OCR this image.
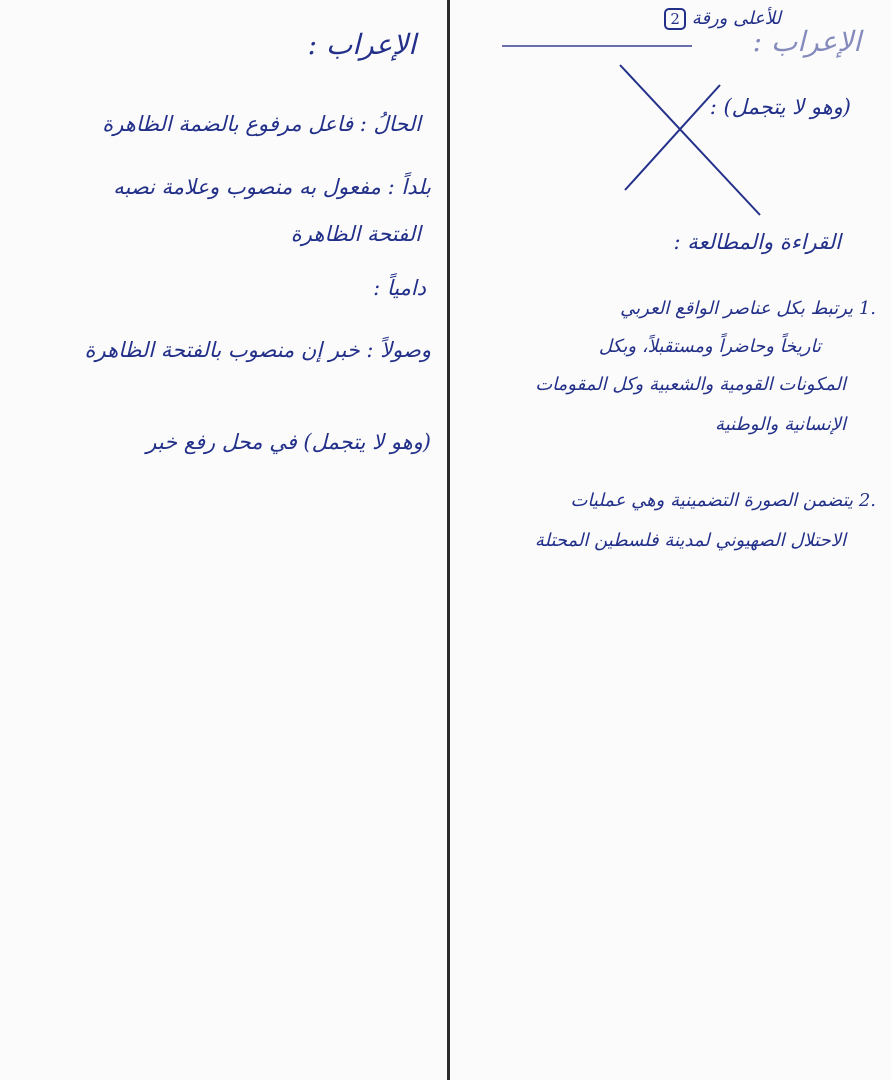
للأعلى ورقة 2
الإعراب :
(وهو لا يتجمل) :
القراءة والمطالعة :
.1 يرتبط بكل عناصر الواقع العربي
تاريخاً وحاضراً ومستقبلاً، وبكل
المكونات القومية والشعبية وكل المقومات
الإنسانية والوطنية
.2 يتضمن الصورة التضمينية وهي عمليات
الاحتلال الصهيوني لمدينة فلسطين المحتلة
الإعراب :
الحالُ : فاعل مرفوع بالضمة الظاهرة
بلداً : مفعول به منصوب وعلامة نصبه
الفتحة الظاهرة
دامياً :
وصولاً : خبر إن منصوب بالفتحة الظاهرة
(وهو لا يتجمل) في محل رفع خبر
